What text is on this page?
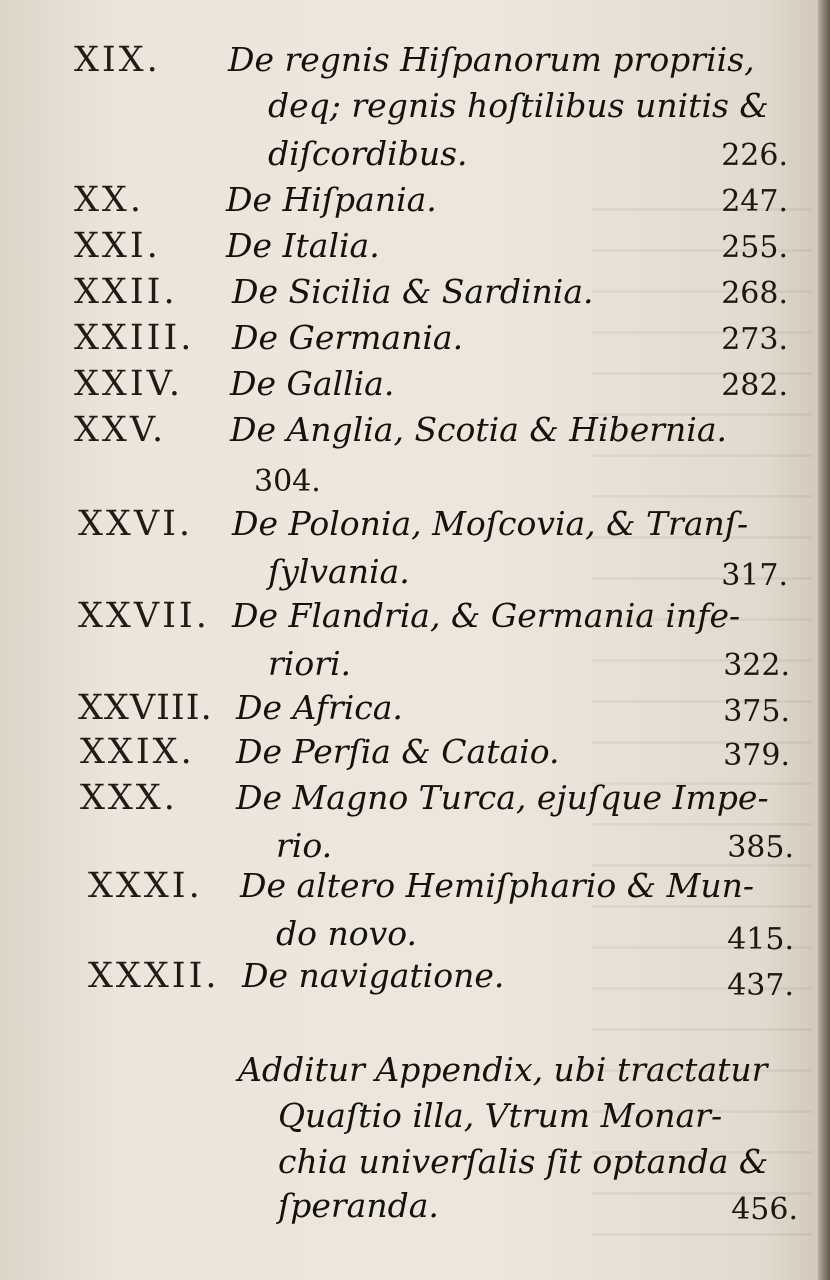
XIX. De regnis Hiſpanorum propriis,
deq; regnis hoſtilibus unitis &
diſcordibus.	226.
XX. De Hiſpania.	247.
XXI. De Italia.	255.
XXII. De Sicilia & Sardinia.	268.
XXIII. De Germania.	273.
XXIV. De Gallia.	282.
XXV. De Anglia, Scotia & Hibernia.
304.
XXVI. De Polonia, Moſcovia, & Tranſ-
ſylvania.	317.
XXVII. De Flandria, & Germania infe-
riori.	322.
XXVIII. De Africa.	375.
XXIX. De Perſia & Cataio.	379.
XXX. De Magno Turca, ejuſque Impe-
rio.	385.
XXXI. De altero Hemiſphario & Mun-
do novo.	415.
XXXII. De navigatione.	437.
Additur Appendix, ubi tractatur
Quaſtio illa, Vtrum Monar-
chia univerſalis ſit optanda &
ſperanda.	456.
